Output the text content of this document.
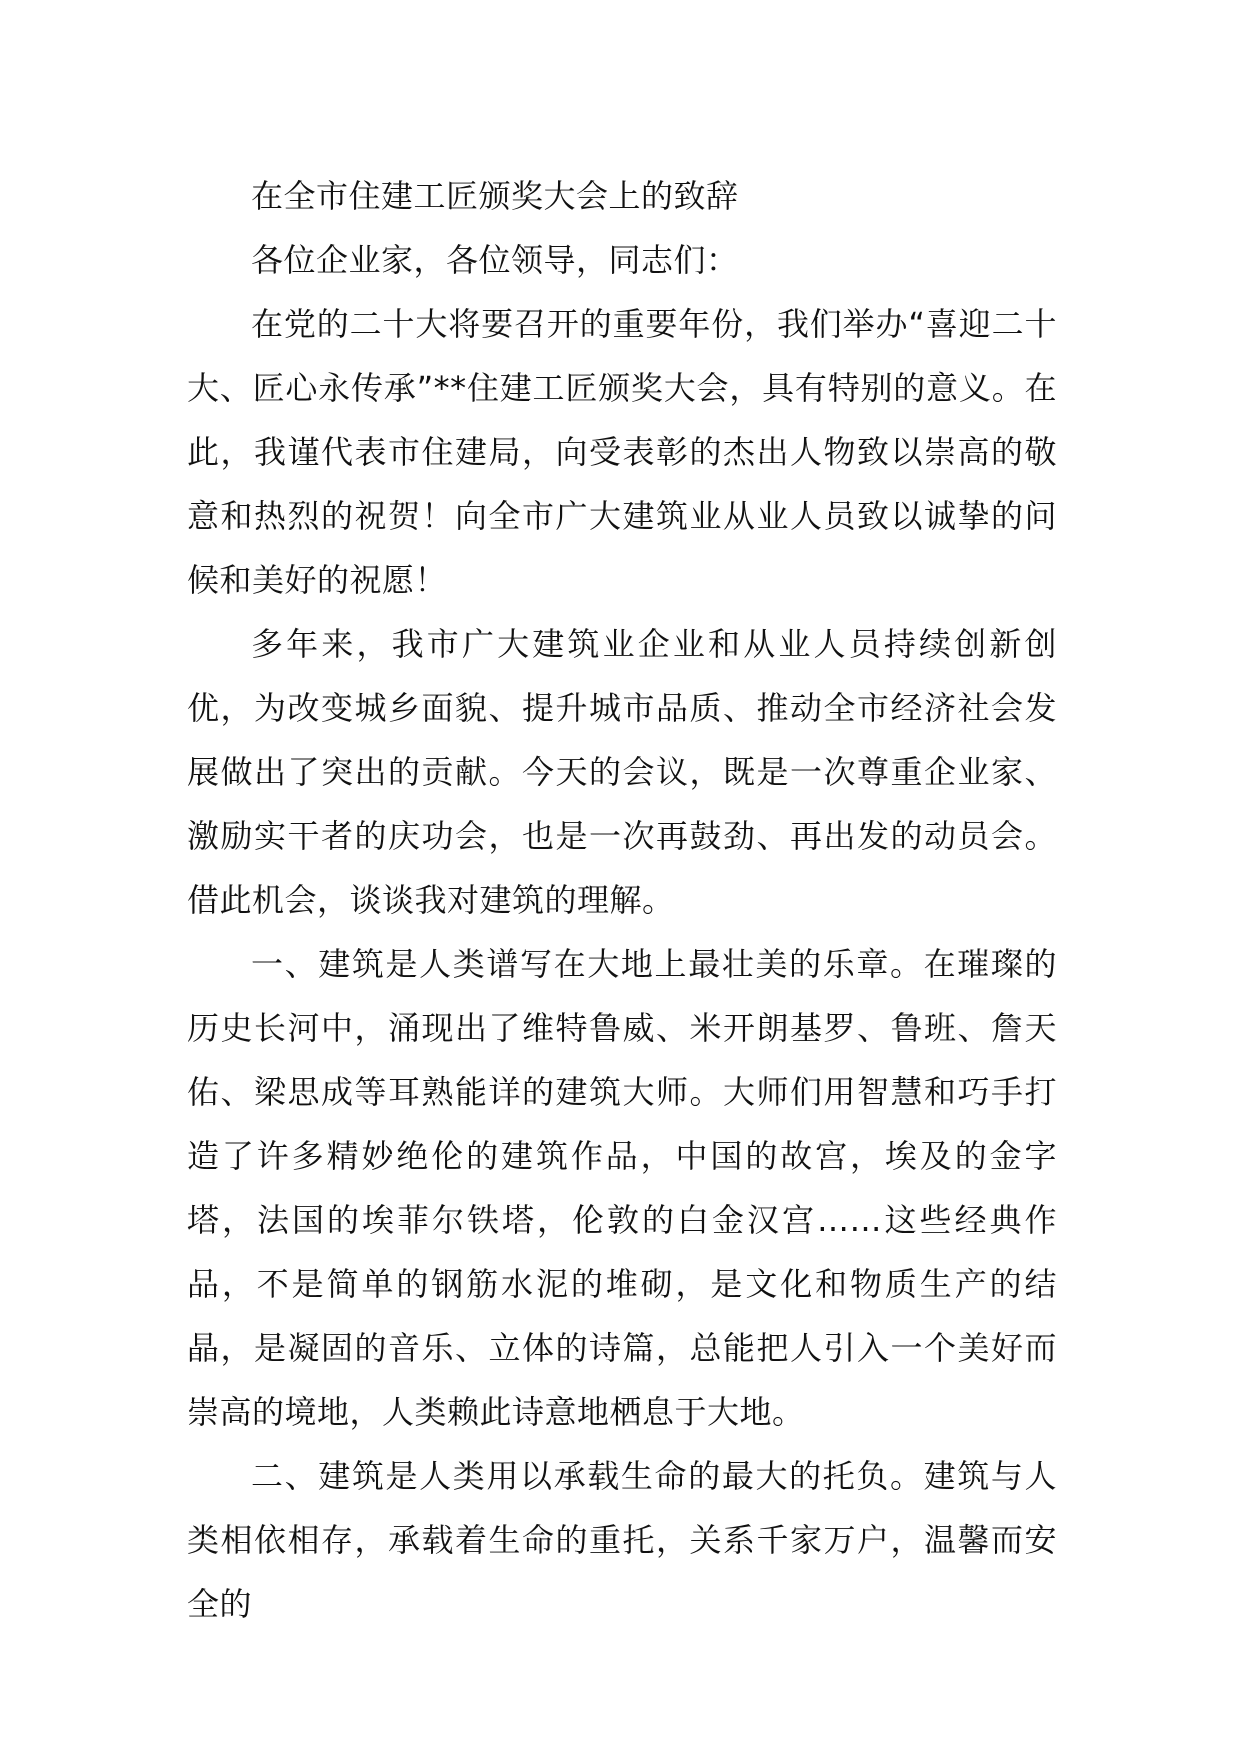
在全市住建工匠颁奖大会上的致辞

各位企业家，各位领导，同志们：

在党的二十大将要召开的重要年份，我们举办“喜迎二十大、匠心永传承”**住建工匠颁奖大会，具有特别的意义。在此，我谨代表市住建局，向受表彰的杰出人物致以崇高的敬意和热烈的祝贺！向全市广大建筑业从业人员致以诚挚的问候和美好的祝愿！

多年来，我市广大建筑业企业和从业人员持续创新创优，为改变城乡面貌、提升城市品质、推动全市经济社会发展做出了突出的贡献。今天的会议，既是一次尊重企业家、激励实干者的庆功会，也是一次再鼓劲、再出发的动员会。借此机会，谈谈我对建筑的理解。

一、建筑是人类谱写在大地上最壮美的乐章。在璀璨的历史长河中，涌现出了维特鲁威、米开朗基罗、鲁班、詹天佑、梁思成等耳熟能详的建筑大师。大师们用智慧和巧手打造了许多精妙绝伦的建筑作品，中国的故宫，埃及的金字塔，法国的埃菲尔铁塔，伦敦的白金汉宫……这些经典作品，不是简单的钢筋水泥的堆砌，是文化和物质生产的结晶，是凝固的音乐、立体的诗篇，总能把人引入一个美好而崇高的境地，人类赖此诗意地栖息于大地。

二、建筑是人类用以承载生命的最大的托负。建筑与人类相依相存，承载着生命的重托，关系千家万户，温馨而安全的
